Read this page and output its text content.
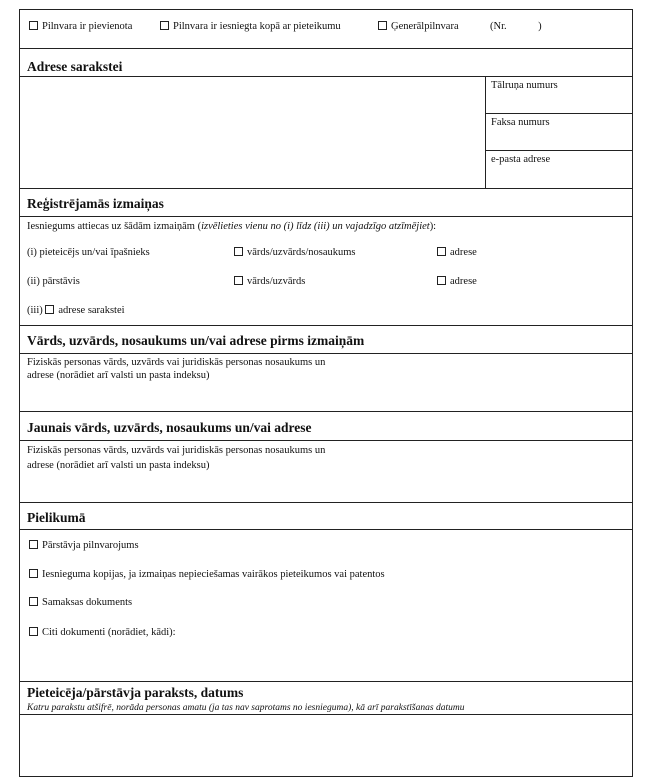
Pilnvara ir pievienota	Pilnvara ir iesniegta kopā ar pieteikumu	Ģenerālpilnvara	(Nr.            )
Adrese sarakstei
Tālruņa numurs
Faksa numurs
e-pasta adrese
Reģistrējamās izmaiņas
Iesniegums attiecas uz šādām izmaiņām (izvēlieties vienu no (i) līdz (iii) un vajadzīgo atzīmējiet):
(i) pieteicējs un/vai īpašnieks	vārds/uzvārds/nosaukums	adrese
(ii) pārstāvis	vārds/uzvārds	adrese
(iii) adrese sarakstei
Vārds, uzvārds, nosaukums un/vai adrese pirms izmaiņām
Fiziskās personas vārds, uzvārds vai juridiskās personas nosaukums un
adrese (norādiet arī valsti un pasta indeksu)
Jaunais vārds, uzvārds, nosaukums un/vai adrese
Fiziskās personas vārds, uzvārds vai juridiskās personas nosaukums un
adrese (norādiet arī valsti un pasta indeksu)
Pielikumā
Pārstāvja pilnvarojums
Iesnieguma kopijas, ja izmaiņas nepieciešamas vairākos pieteikumos vai patentos
Samaksas dokuments
Citi dokumenti (norādiet, kādi):
Pieteicēja/pārstāvja paraksts, datums
Katru parakstu atšifrē, norāda personas amatu (ja tas nav saprotams no iesnieguma), kā arī parakstīšanas datumu
